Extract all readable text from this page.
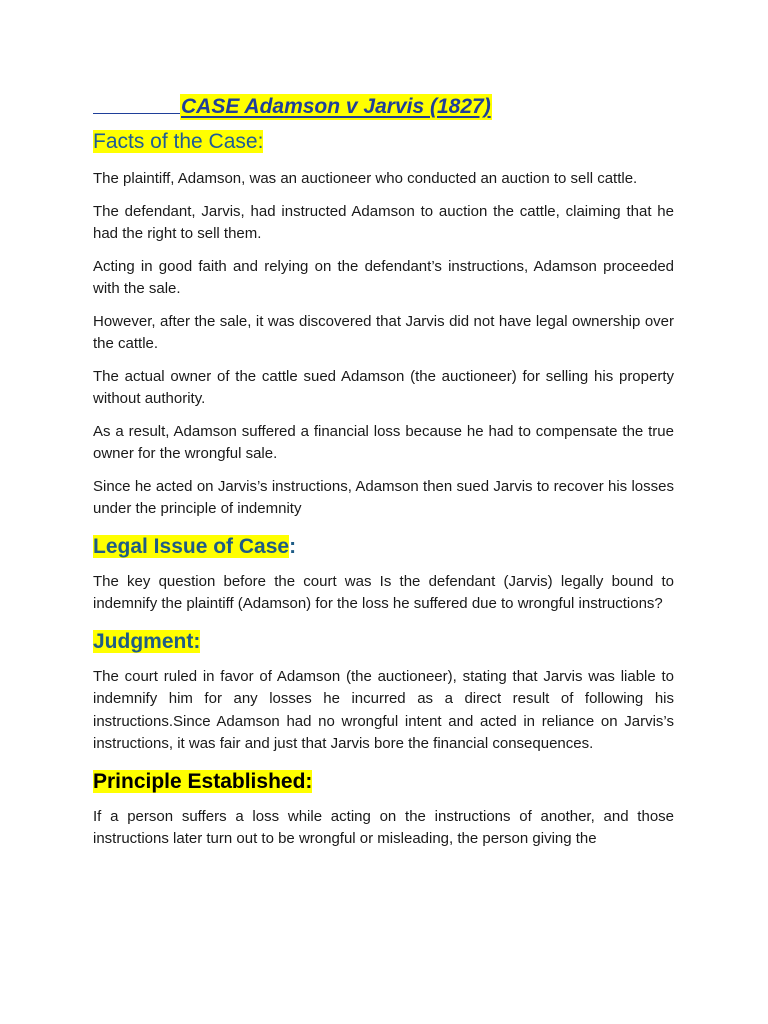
CASE Adamson v Jarvis (1827)
Facts of the Case:

The plaintiff, Adamson, was an auctioneer who conducted an auction to sell cattle.

The defendant, Jarvis, had instructed Adamson to auction the cattle, claiming that he had the right to sell them.

Acting in good faith and relying on the defendant’s instructions, Adamson proceeded with the sale.

However, after the sale, it was discovered that Jarvis did not have legal ownership over the cattle.

The actual owner of the cattle sued Adamson (the auctioneer) for selling his property without authority.

As a result, Adamson suffered a financial loss because he had to compensate the true owner for the wrongful sale.

Since he acted on Jarvis’s instructions, Adamson then sued Jarvis to recover his losses under the principle of indemnity

Legal Issue of Case:

The key question before the court was Is the defendant (Jarvis) legally bound to indemnify the plaintiff (Adamson) for the loss he suffered due to wrongful instructions?

Judgment:

The court ruled in favor of Adamson (the auctioneer), stating that Jarvis was liable to indemnify him for any losses he incurred as a direct result of following his instructions.Since Adamson had no wrongful intent and acted in reliance on Jarvis’s instructions, it was fair and just that Jarvis bore the financial consequences.

Principle Established:

If a person suffers a loss while acting on the instructions of another, and those instructions later turn out to be wrongful or misleading, the person giving the
